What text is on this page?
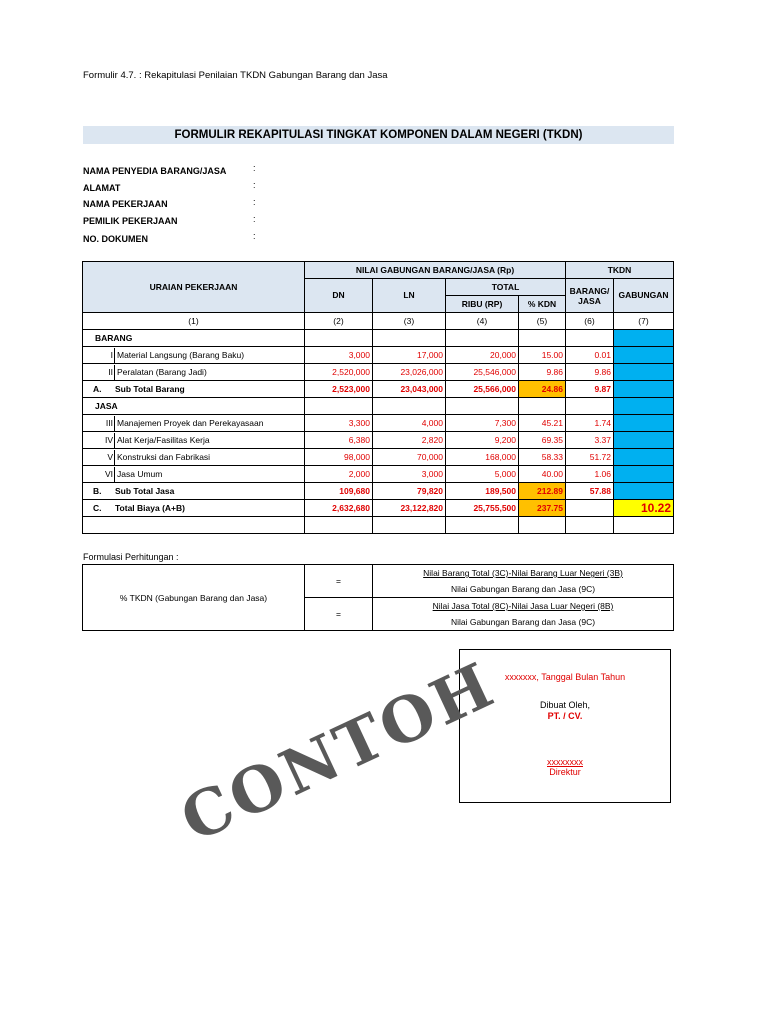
Formulir 4.7. : Rekapitulasi Penilaian TKDN Gabungan Barang dan Jasa
FORMULIR REKAPITULASI TINGKAT KOMPONEN DALAM NEGERI (TKDN)
NAMA PENYEDIA BARANG/JASA	:
ALAMAT	:
NAMA PEKERJAAN	:
PEMILIK PEKERJAAN	:
NO. DOKUMEN	:
URAIAN PEKERJAAN	NILAI GABUNGAN BARANG/JASA (Rp)				TKDN	
	DN	LN	TOTAL		BARANG/ JASA	GABUNGAN
			RIBU (RP)	% KDN		
(1)	(2)	(3)	(4)	(5)	(6)	(7)
BARANG						
I Material Langsung (Barang Baku)	3,000	17,000	20,000	15.00	0.01	
II Peralatan (Barang Jadi)	2,520,000	23,026,000	25,546,000	9.86	9.86	
A. Sub Total Barang	2,523,000	23,043,000	25,566,000	24.86	9.87	
JASA						
III Manajemen Proyek dan Perekayasaan	3,300	4,000	7,300	45.21	1.74	
IV Alat Kerja/Fasilitas Kerja	6,380	2,820	9,200	69.35	3.37	
V Konstruksi dan Fabrikasi	98,000	70,000	168,000	58.33	51.72	
VI Jasa Umum	2,000	3,000	5,000	40.00	1.06	
B. Sub Total Jasa	109,680	79,820	189,500	212.89	57.88	
C. Total Biaya (A+B)	2,632,680	23,122,820	25,755,500	237.75		10.22

Formulasi Perhitungan :
% TKDN (Gabungan Barang dan Jasa)	=	Nilai Barang Total (3C)-Nilai Barang Luar Negeri (3B)
		Nilai Gabungan Barang dan Jasa (9C)
	=	Nilai Jasa Total (8C)-Nilai Jasa Luar Negeri (8B)
		Nilai Gabungan Barang dan Jasa (9C)
xxxxxxx, Tanggal Bulan Tahun
Dibuat Oleh,
PT. / CV.
xxxxxxxx
Direktur
CONTOH
